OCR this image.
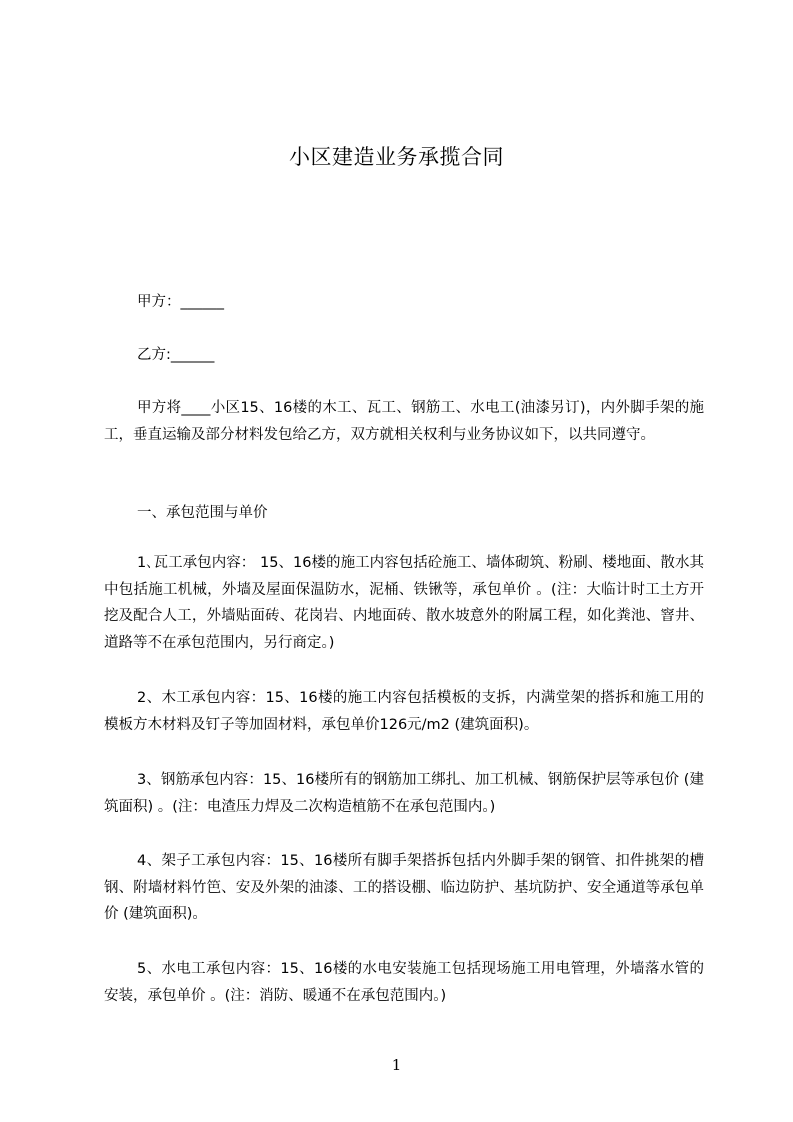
小区建造业务承揽合同
甲方：______
乙方:______
甲方将____小区15、16楼的木工、瓦工、钢筋工、水电工(油漆另订)，内外脚手架的施工，垂直运输及部分材料发包给乙方，双方就相关权利与业务协议如下，以共同遵守。
一、承包范围与单价
1､瓦工承包内容： 15、16楼的施工内容包括砼施工、墙体砌筑、粉刷、楼地面、散水其中包括施工机械，外墙及屋面保温防水，泥桶、铁锹等，承包单价 。(注：大临计时工土方开挖及配合人工，外墙贴面砖、花岗岩、内地面砖、散水坡意外的附属工程，如化粪池、窨井、道路等不在承包范围内，另行商定。)
2、木工承包内容：15、16楼的施工内容包括模板的支拆，内满堂架的搭拆和施工用的模板方木材料及钉子等加固材料，承包单价126元/m2 (建筑面积)。
3、钢筋承包内容：15、16楼所有的钢筋加工绑扎、加工机械、钢筋保护层等承包价 (建筑面积) 。(注：电渣压力焊及二次构造植筋不在承包范围内。)
4、架子工承包内容：15、16楼所有脚手架搭拆包括内外脚手架的钢管、扣件挑架的槽钢、附墙材料竹笆、安及外架的油漆、工的搭设棚、临边防护、基坑防护、安全通道等承包单价 (建筑面积)。
5、水电工承包内容：15、16楼的水电安装施工包括现场施工用电管理，外墙落水管的安装，承包单价 。(注：消防、暖通不在承包范围内。)
1
